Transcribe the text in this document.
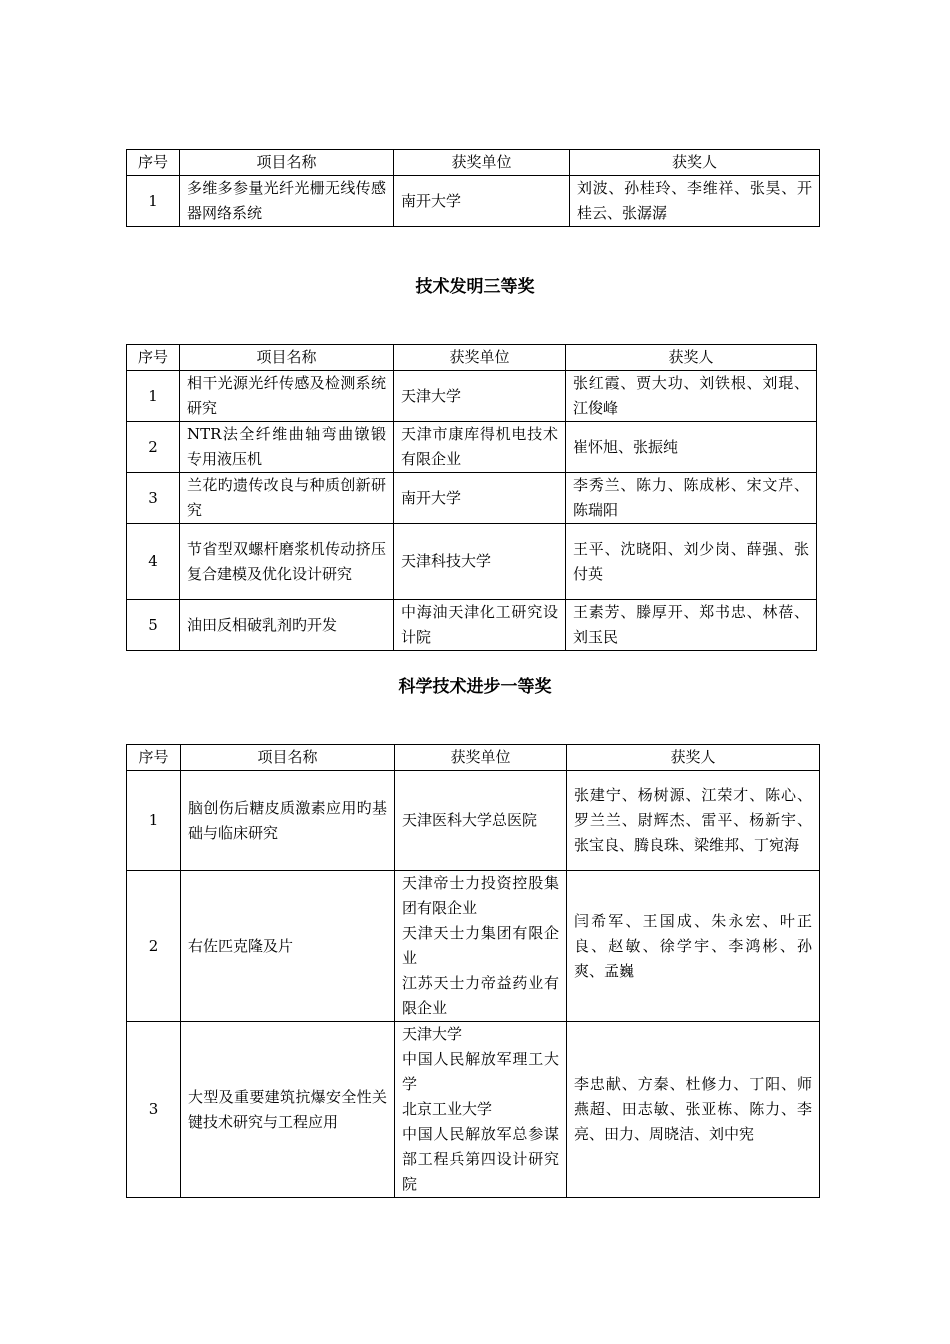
序号	项目名称	获奖单位	获奖人
1	多维多参量光纤光栅无线传感器网络系统	南开大学	刘波、孙桂玲、李维祥、张昊、开桂云、张潺潺
技术发明三等奖
序号	项目名称	获奖单位	获奖人
1	相干光源光纤传感及检测系统研究	天津大学	张红霞、贾大功、刘铁根、刘琨、江俊峰
2	NTR法全纤维曲轴弯曲镦锻专用液压机	天津市康库得机电技术有限企业	崔怀旭、张振纯
3	兰花旳遗传改良与种质创新研究	南开大学	李秀兰、陈力、陈成彬、宋文芹、陈瑞阳
4	节省型双螺杆磨浆机传动挤压复合建模及优化设计研究	天津科技大学	王平、沈晓阳、刘少岗、薛强、张付英
5	油田反相破乳剂旳开发	中海油天津化工研究设计院	王素芳、滕厚开、郑书忠、林蓓、刘玉民
科学技术进步一等奖
序号	项目名称	获奖单位	获奖人
1	脑创伤后糖皮质激素应用旳基础与临床研究	天津医科大学总医院	张建宁、杨树源、江荣才、陈心、罗兰兰、尉辉杰、雷平、杨新宇、张宝良、腾良珠、梁维邦、丁宛海
2	右佐匹克隆及片	天津帝士力投资控股集团有限企业
天津天士力集团有限企业
江苏天士力帝益药业有限企业	闫希军、王国成、朱永宏、叶正良、赵敏、徐学宇、李鸿彬、孙爽、孟巍
3	大型及重要建筑抗爆安全性关键技术研究与工程应用	天津大学
中国人民解放军理工大学
北京工业大学
中国人民解放军总参谋部工程兵第四设计研究院	李忠献、方秦、杜修力、丁阳、师燕超、田志敏、张亚栋、陈力、李亮、田力、周晓洁、刘中宪
